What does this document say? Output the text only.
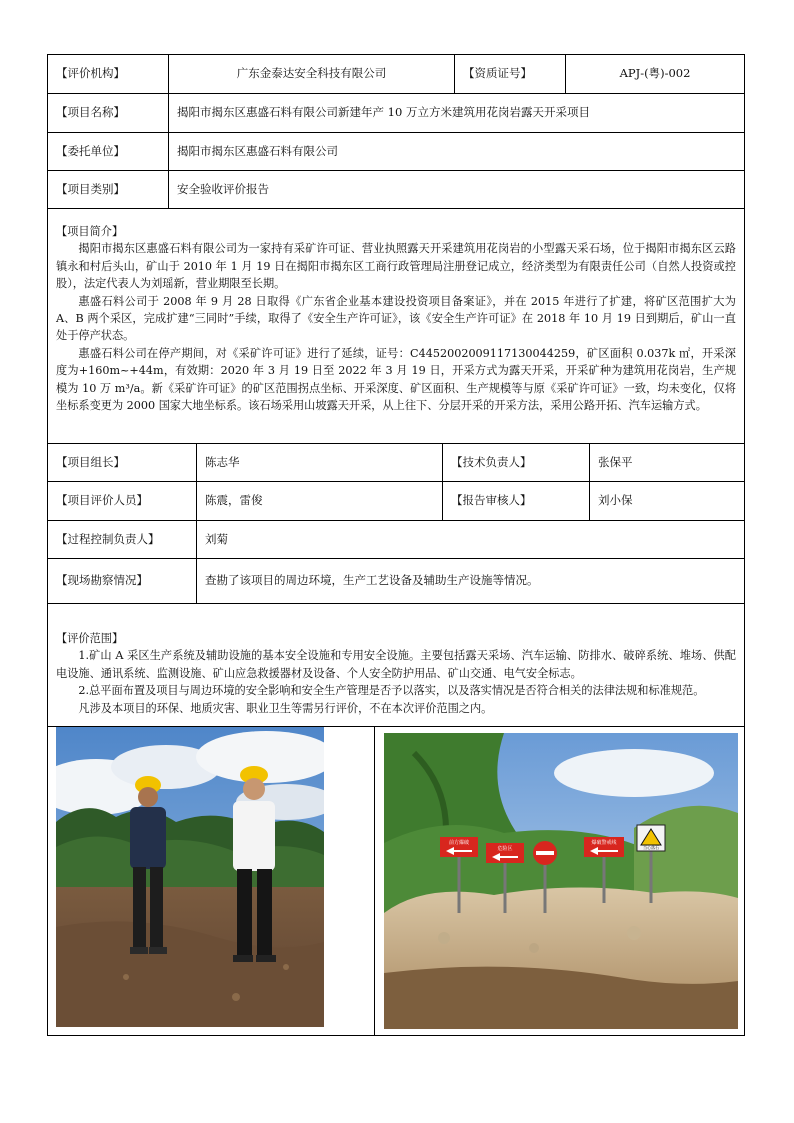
【评价机构】	广东金泰达安全科技有限公司	【资质证号】	APJ-(粤)-002
【项目名称】	揭阳市揭东区惠盛石料有限公司新建年产 10 万立方米建筑用花岗岩露天开采项目
【委托单位】	揭阳市揭东区惠盛石料有限公司
【项目类别】	安全验收评价报告

【项目简介】

揭阳市揭东区惠盛石料有限公司为一家持有采矿许可证、营业执照露天开采建筑用花岗岩的小型露天采石场，位于揭阳市揭东区云路镇永和村后头山，矿山于 2010 年 1 月 19 日在揭阳市揭东区工商行政管理局注册登记成立，经济类型为有限责任公司（自然人投资或控股），法定代表人为刘瑶新，营业期限至长期。

惠盛石料公司于 2008 年 9 月 28 日取得《广东省企业基本建设投资项目备案证》，并在 2015 年进行了扩建，将矿区范围扩大为 A、B 两个采区，完成扩建“三同时”手续，取得了《安全生产许可证》，该《安全生产许可证》在 2018 年 10 月 19 日到期后，矿山一直处于停产状态。

惠盛石料公司在停产期间，对《采矿许可证》进行了延续，证号：C4452002009117130044259，矿区面积 0.037k ㎡，开采深度为+160m~+44m，有效期：2020 年 3 月 19 日至 2022 年 3 月 19 日，开采方式为露天开采，开采矿种为建筑用花岗岩，生产规模为 10 万 m³/a。新《采矿许可证》的矿区范围拐点坐标、开采深度、矿区面积、生产规模等与原《采矿许可证》一致，均未变化，仅将坐标系变更为 2000 国家大地坐标系。该石场采用山坡露天开采，从上往下、分层开采的开采方法，采用公路开拓、汽车运输方式。

【项目组长】	陈志华	【技术负责人】	张保平
【项目评价人员】	陈震，雷俊	【报告审核人】	刘小保
【过程控制负责人】	刘菊
【现场勘察情况】	查勘了该项目的周边环境，生产工艺设备及辅助生产设施等情况。

【评价范围】

1.矿山 A 采区生产系统及辅助设施的基本安全设施和专用安全设施。主要包括露天采场、汽车运输、防排水、破碎系统、堆场、供配电设施、通讯系统、监测设施、矿山应急救援器材及设备、个人安全防护用品、矿山交通、电气安全标志。

2.总平面布置及项目与周边环境的安全影响和安全生产管理是否予以落实，以及落实情况是否符合相关的法律法规和标准规范。

凡涉及本项目的环保、地质灾害、职业卫生等需另行评价，不在本次评价范围之内。

前方爆破
危险区
爆破警戒线
当心落石
